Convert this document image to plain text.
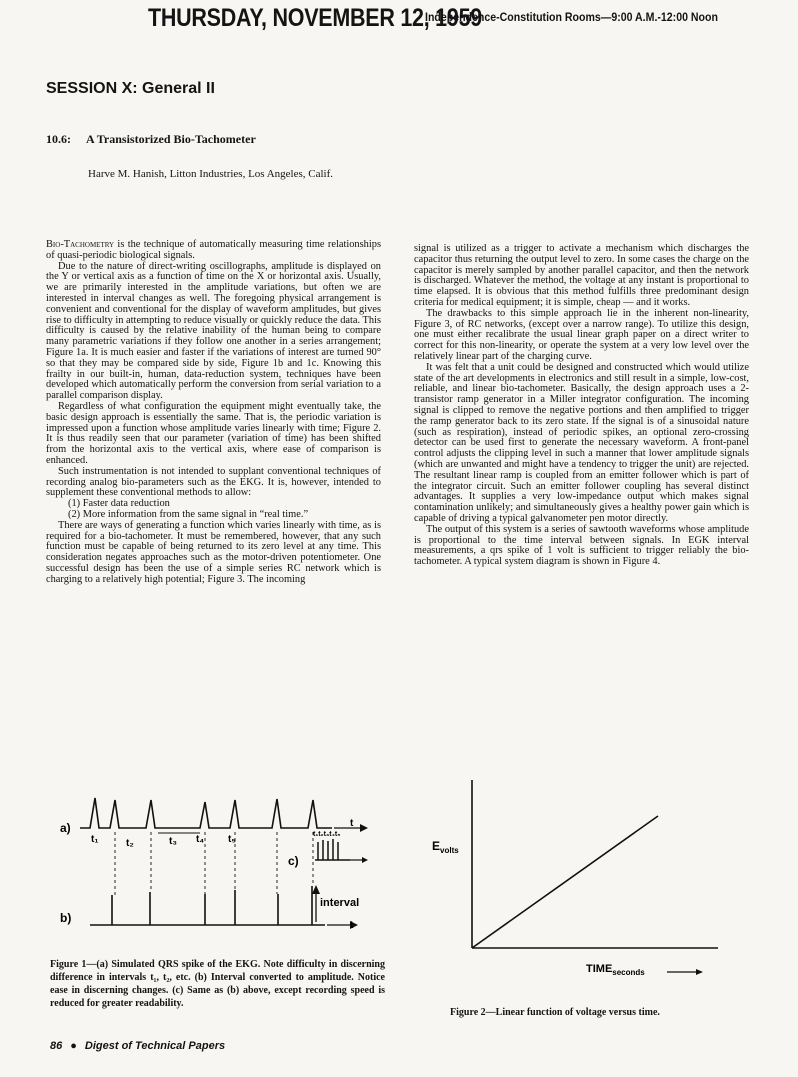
THURSDAY, NOVEMBER 12, 1959
Independence-Constitution Rooms—9:00 A.M.-12:00 Noon
SESSION X: General II
10.6: A Transistorized Bio-Tachometer
Harve M. Hanish, Litton Industries, Los Angeles, Calif.

Bio-Tachometry is the technique of automatically measuring time relationships of quasi-periodic biological signals.

Due to the nature of direct-writing oscillographs, amplitude is displayed on the Y or vertical axis as a function of time on the X or horizontal axis. Usually, we are primarily interested in the amplitude variations, but often we are interested in interval changes as well. The foregoing physical arrangement is convenient and conventional for the display of waveform amplitudes, but gives rise to difficulty in attempting to reduce visually or quickly reduce the data. This difficulty is caused by the relative inability of the human being to compare many parametric variations if they follow one another in a series arrangement; Figure 1a. It is much easier and faster if the variations of interest are turned 90° so that they may be compared side by side, Figure 1b and 1c. Knowing this frailty in our built-in, human, data-reduction system, techniques have been developed which automatically perform the conversion from serial variation to a parallel comparison display.

Regardless of what configuration the equipment might eventually take, the basic design approach is essentially the same. That is, the periodic variation is impressed upon a function whose amplitude varies linearly with time; Figure 2. It is thus readily seen that our parameter (variation of time) has been shifted from the horizontal axis to the vertical axis, where ease of comparison is enhanced.

Such instrumentation is not intended to supplant conventional techniques of recording analog bio-parameters such as the EKG. It is, however, intended to supplement these conventional methods to allow:

(1) Faster data reduction

(2) More information from the same signal in “real time.”

There are ways of generating a function which varies linearly with time, as is required for a bio-tachometer. It must be remembered, however, that any such function must be capable of being returned to its zero level at any time. This consideration negates approaches such as the motor-driven potentiometer. One successful design has been the use of a simple series RC network which is charging to a relatively high potential; Figure 3. The incoming

signal is utilized as a trigger to activate a mechanism which discharges the capacitor thus returning the output level to zero. In some cases the charge on the capacitor is merely sampled by another parallel capacitor, and then the network is discharged. Whatever the method, the voltage at any instant is proportional to time elapsed. It is obvious that this method fulfills three predominant design criteria for medical equipment; it is simple, cheap — and it works.

The drawbacks to this simple approach lie in the inherent non-linearity, Figure 3, of RC networks, (except over a narrow range). To utilize this design, one must either recalibrate the usual linear graph paper on a direct writer to correct for this non-linearity, or operate the system at a very low level over the relatively linear part of the charging curve.

It was felt that a unit could be designed and constructed which would utilize state of the art developments in electronics and still result in a simple, low-cost, reliable, and linear bio-tachometer. Basically, the design approach uses a 2-transistor ramp generator in a Miller integrator configuration. The incoming signal is clipped to remove the negative portions and then amplified to trigger the ramp generator back to its zero state. If the signal is of a sinusoidal nature (such as respiration), instead of periodic spikes, an optional zero-crossing detector can be used first to generate the necessary waveform. A front-panel control adjusts the clipping level in such a manner that lower amplitude signals (which are unwanted and might have a tendency to trigger the unit) are rejected. The resultant linear ramp is coupled from an emitter follower which is part of the integrator circuit. Such an emitter follower coupling has several distinct advantages. It supplies a very low-impedance output which makes signal contamination unlikely; and simultaneously gives a healthy power gain which is capable of driving a typical galvanometer pen motor directly.

The output of this system is a series of sawtooth waveforms whose amplitude is proportional to the time interval between signals. In EGK interval measurements, a qrs spike of 1 volt is sufficient to trigger reliably the bio-tachometer. A typical system diagram is shown in Figure 4.

a)
b)
c)
t₁	t₂	t₃ t₄ t₅
t
t
interval
t₁t₂t₃t₄t₅
Figure 1—(a) Simulated QRS spike of the EKG. Note difficulty in discerning difference in intervals t₁, t₂, etc. (b) Interval converted to amplitude. Notice ease in discerning changes. (c) Same as (b) above, except recording speed is reduced for greater readability.
$E_{volts}$
$TIME_{seconds}$
Figure 2—Linear function of voltage versus time.
86 ● Digest of Technical Papers
